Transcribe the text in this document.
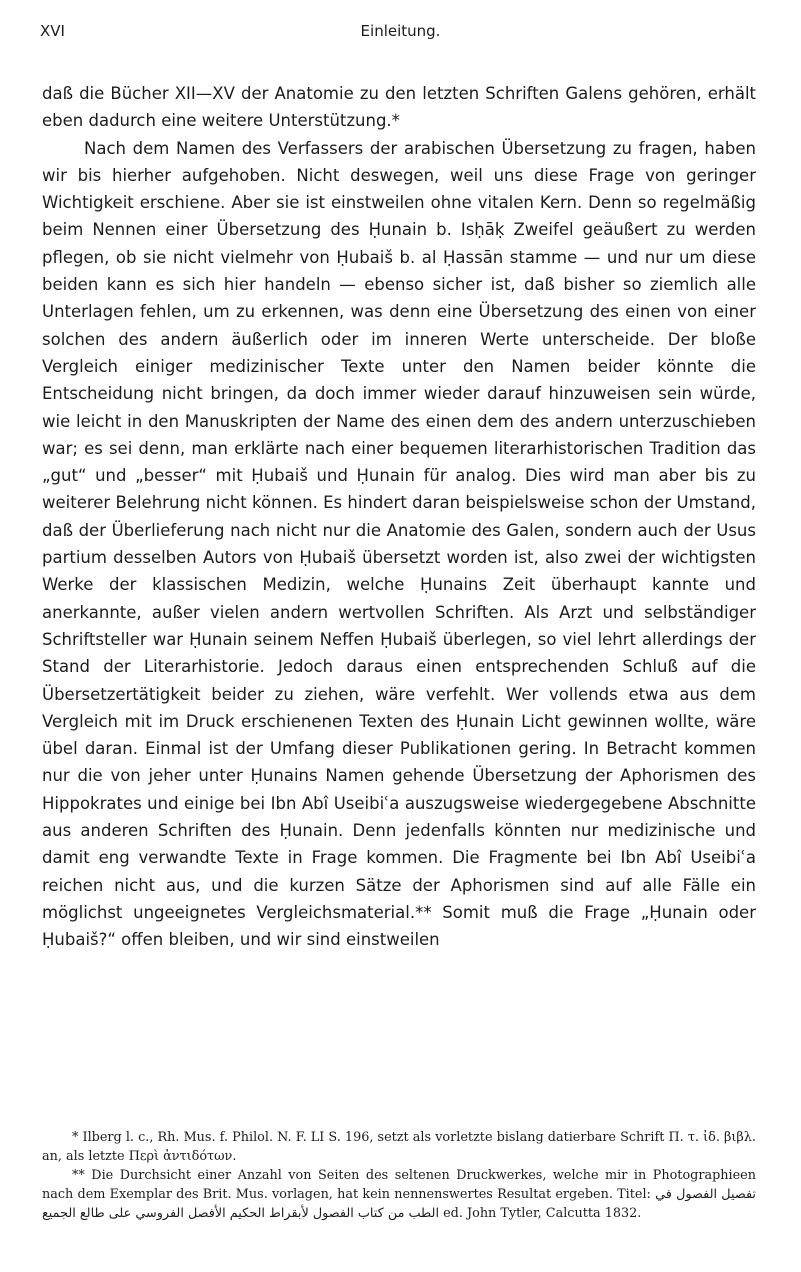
XVI	Einleitung.

daß die Bücher XII—XV der Anatomie zu den letzten Schriften Galens gehören, erhält eben dadurch eine weitere Unterstützung.*

Nach dem Namen des Verfassers der arabischen Übersetzung zu fragen, haben wir bis hierher aufgehoben. Nicht deswegen, weil uns diese Frage von geringer Wichtigkeit erschiene. Aber sie ist einstweilen ohne vitalen Kern. Denn so regelmäßig beim Nennen einer Übersetzung des Ḥunain b. Isḥāḳ Zweifel geäußert zu werden pflegen, ob sie nicht vielmehr von Ḥubaiš b. al Ḥassān stamme — und nur um diese beiden kann es sich hier handeln — ebenso sicher ist, daß bisher so ziemlich alle Unterlagen fehlen, um zu erkennen, was denn eine Übersetzung des einen von einer solchen des andern äußerlich oder im inneren Werte unterscheide. Der bloße Vergleich einiger medizinischer Texte unter den Namen beider könnte die Entscheidung nicht bringen, da doch immer wieder darauf hinzuweisen sein würde, wie leicht in den Manuskripten der Name des einen dem des andern unterzuschieben war; es sei denn, man erklärte nach einer bequemen literarhistorischen Tradition das „gut“ und „besser“ mit Ḥubaiš und Ḥunain für analog. Dies wird man aber bis zu weiterer Belehrung nicht können. Es hindert daran beispielsweise schon der Umstand, daß der Überlieferung nach nicht nur die Anatomie des Galen, sondern auch der Usus partium desselben Autors von Ḥubaiš übersetzt worden ist, also zwei der wichtigsten Werke der klassischen Medizin, welche Ḥunains Zeit überhaupt kannte und anerkannte, außer vielen andern wertvollen Schriften. Als Arzt und selbständiger Schriftsteller war Ḥunain seinem Neffen Ḥubaiš überlegen, so viel lehrt allerdings der Stand der Literarhistorie. Jedoch daraus einen entsprechenden Schluß auf die Übersetzertätigkeit beider zu ziehen, wäre verfehlt. Wer vollends etwa aus dem Vergleich mit im Druck erschienenen Texten des Ḥunain Licht gewinnen wollte, wäre übel daran. Einmal ist der Umfang dieser Publikationen gering. In Betracht kommen nur die von jeher unter Ḥunains Namen gehende Übersetzung der Aphorismen des Hippokrates und einige bei Ibn Abî Useibiʿa auszugsweise wiedergegebene Abschnitte aus anderen Schriften des Ḥunain. Denn jedenfalls könnten nur medizinische und damit eng verwandte Texte in Frage kommen. Die Fragmente bei Ibn Abî Useibiʿa reichen nicht aus, und die kurzen Sätze der Aphorismen sind auf alle Fälle ein möglichst ungeeignetes Vergleichsmaterial.** Somit muß die Frage „Ḥunain oder Ḥubaiš?“ offen bleiben, und wir sind einstweilen

* Ilberg l. c., Rh. Mus. f. Philol. N. F. LI S. 196, setzt als vorletzte bislang datierbare Schrift Π. τ. ἰδ. βιβλ. an, als letzte Περὶ ἀντιδότων.

** Die Durchsicht einer Anzahl von Seiten des seltenen Druckwerkes, welche mir in Photographieen nach dem Exemplar des Brit. Mus. vorlagen, hat kein nennenswertes Resultat ergeben. Titel: تفصيل الفصول في الطب من كتاب الفصول لأبقراط الحكيم الأفصل الفروسي على طالع الجميع ed. John Tytler, Calcutta 1832.
